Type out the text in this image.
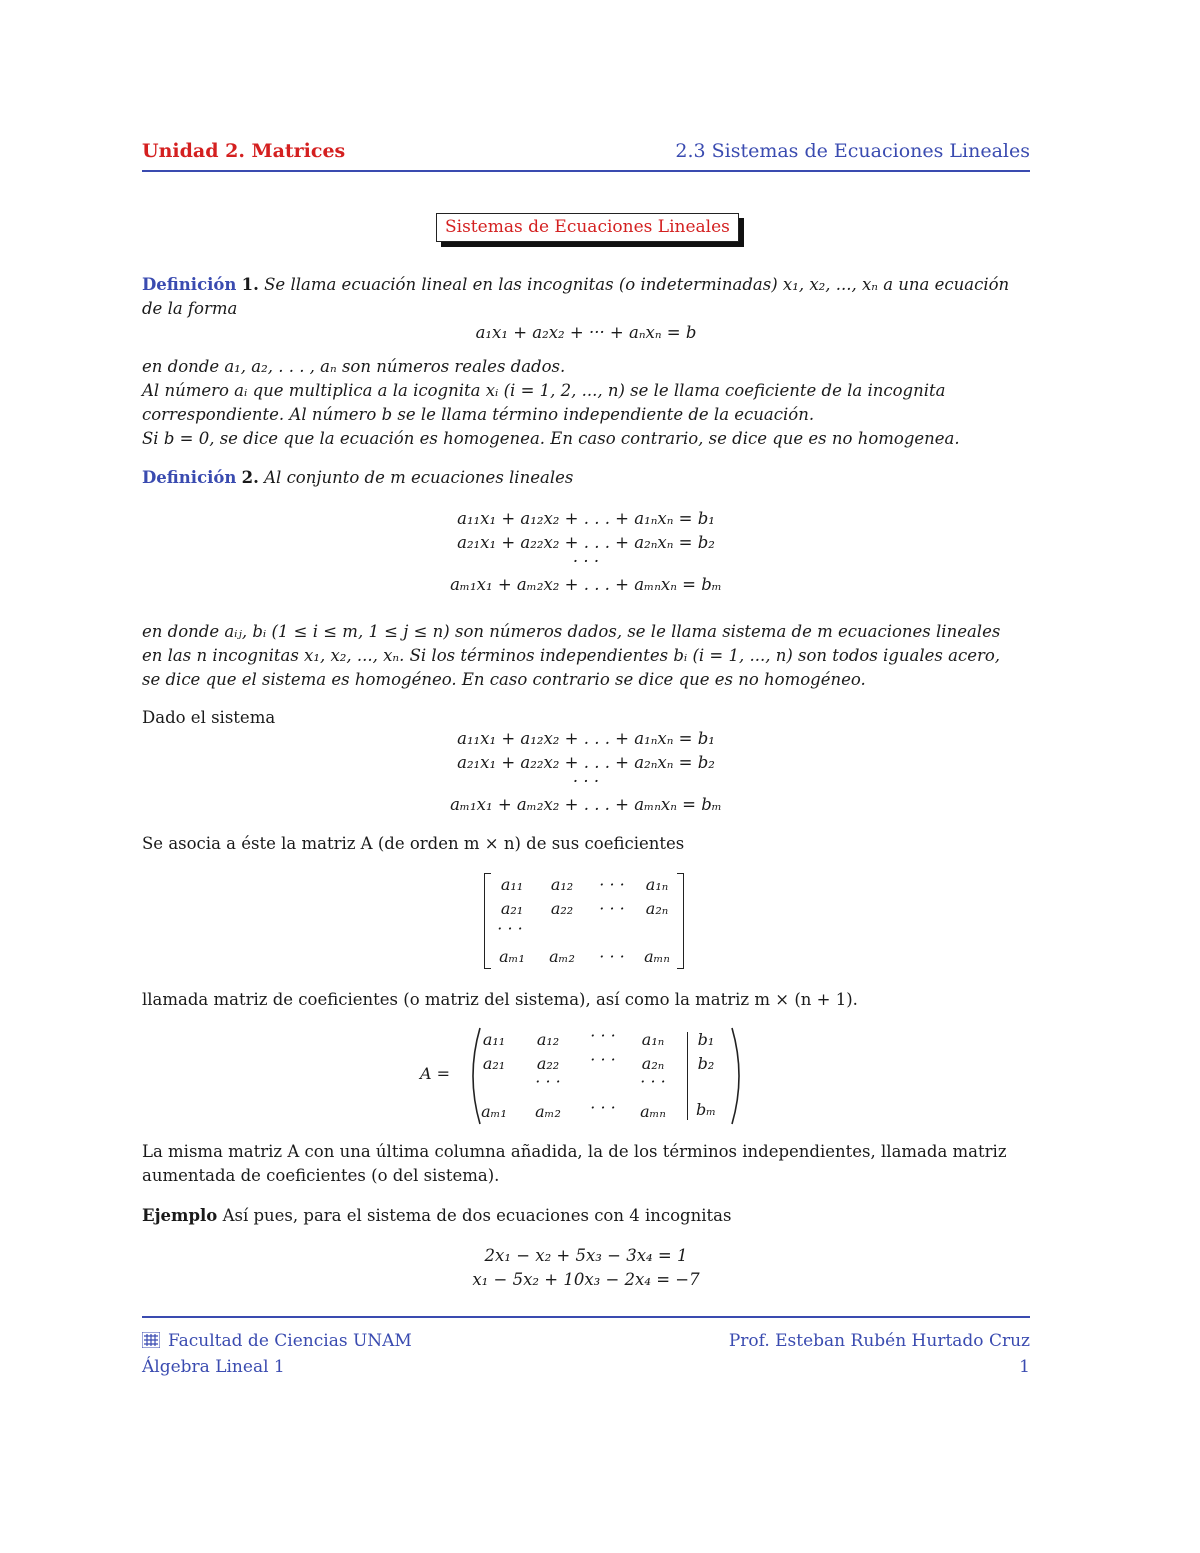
Unidad 2. Matrices	2.3 Sistemas de Ecuaciones Lineales
Sistemas de Ecuaciones Lineales
Definición 1. Se llama ecuación lineal en las incognitas (o indeterminadas) x₁, x₂, ..., xₙ a una ecuación
de la forma
a₁x₁ + a₂x₂ + ··· + aₙxₙ = b
en donde a₁, a₂, . . . , aₙ son números reales dados.
Al número aᵢ que multiplica a la icognita xᵢ (i = 1, 2, ..., n) se le llama coeficiente de la incognita
correspondiente. Al número b se le llama término independiente de la ecuación.
Si b = 0, se dice que la ecuación es homogenea. En caso contrario, se dice que es no homogenea.
Definición 2. Al conjunto de m ecuaciones lineales
a₁₁x₁ + a₁₂x₂ + . . . + a₁ₙxₙ = b₁
a₂₁x₁ + a₂₂x₂ + . . . + a₂ₙxₙ = b₂
· · ·
aₘ₁x₁ + aₘ₂x₂ + . . . + aₘₙxₙ = bₘ
en donde aᵢⱼ, bᵢ (1 ≤ i ≤ m, 1 ≤ j ≤ n) son números dados, se le llama sistema de m ecuaciones lineales
en las n incognitas x₁, x₂, ..., xₙ. Si los términos independientes bᵢ (i = 1, ..., n) son todos iguales acero,
se dice que el sistema es homogéneo. En caso contrario se dice que es no homogéneo.
Dado el sistema
a₁₁x₁ + a₁₂x₂ + . . . + a₁ₙxₙ = b₁
a₂₁x₁ + a₂₂x₂ + . . . + a₂ₙxₙ = b₂
· · ·
aₘ₁x₁ + aₘ₂x₂ + . . . + aₘₙxₙ = bₘ
Se asocia a éste la matriz A (de orden m × n) de sus coeficientes
a₁₁	a₁₂	· · ·	a₁ₙ
a₂₁	a₂₂	· · ·	a₂ₙ
· · ·
aₘ₁	aₘ₂	· · ·	aₘₙ
llamada matriz de coeficientes (o matriz del sistema), así como la matriz m × (n + 1).
A =
a₁₁	a₁₂	· · ·	a₁ₙ	b₁
a₂₁	a₂₂	· · ·	a₂ₙ	b₂
· · ·	· · ·
aₘ₁	aₘ₂	· · ·	aₘₙ	bₘ
La misma matriz A con una última columna añadida, la de los términos independientes, llamada matriz
aumentada de coeficientes (o del sistema).
Ejemplo Así pues, para el sistema de dos ecuaciones con 4 incognitas
2x₁ − x₂ + 5x₃ − 3x₄ = 1
x₁ − 5x₂ + 10x₃ − 2x₄ = −7
Facultad de Ciencias UNAM
Álgebra Lineal 1
Prof. Esteban Rubén Hurtado Cruz
1
